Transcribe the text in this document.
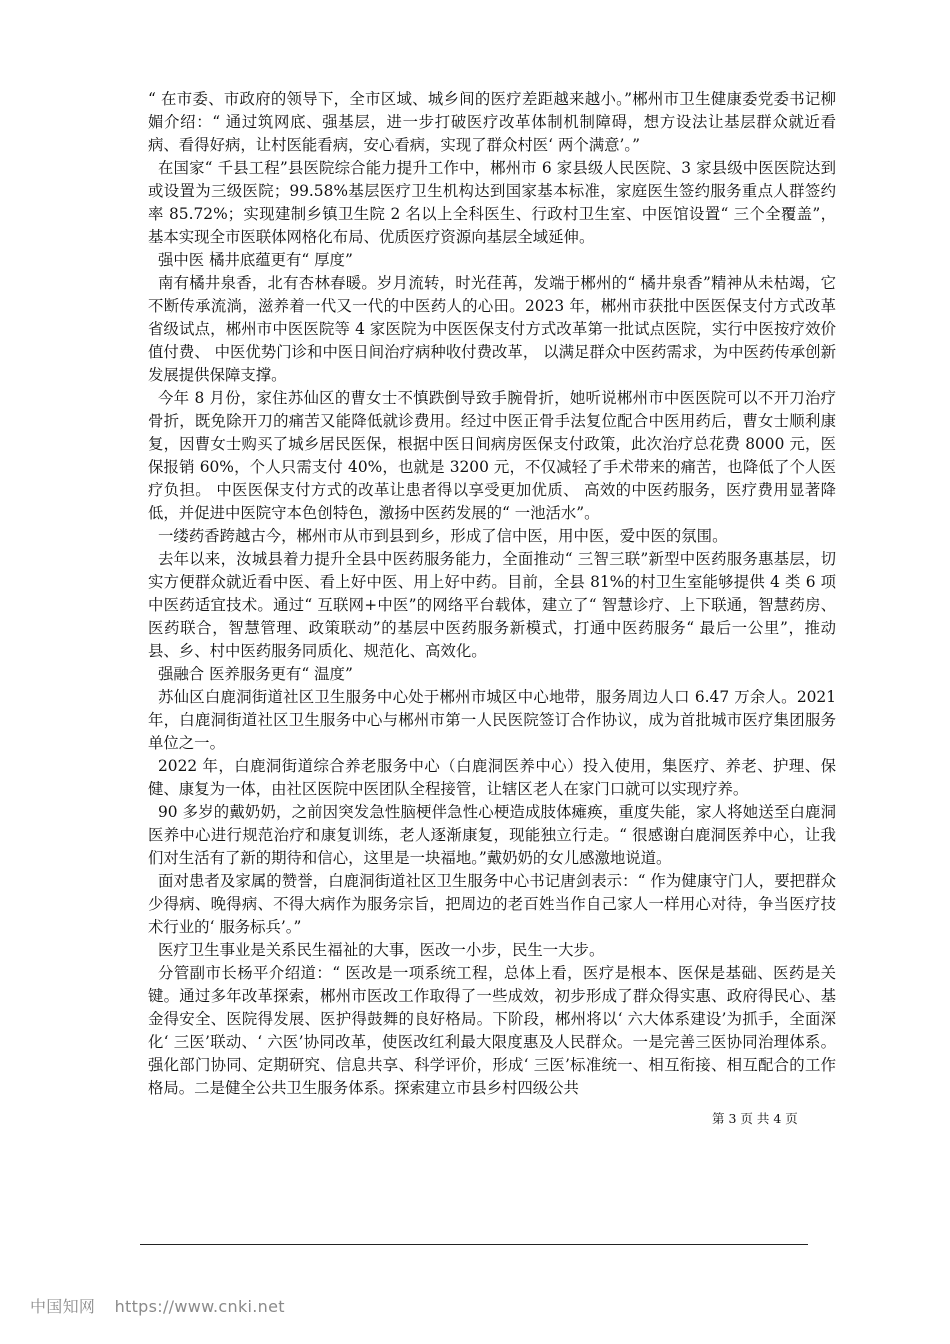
“ 在市委、市政府的领导下，全市区域、城乡间的医疗差距越来越小。”郴州市卫生健康委党委书记柳媚介绍：“ 通过筑网底、强基层，进一步打破医疗改革体制机制障碍，想方设法让基层群众就近看病、看得好病，让村医能看病，安心看病，实现了群众村医‘ 两个满意’。”

在国家“ 千县工程”县医院综合能力提升工作中，郴州市 6 家县级人民医院、3 家县级中医医院达到或设置为三级医院；99.58%基层医疗卫生机构达到国家基本标准，家庭医生签约服务重点人群签约率 85.72%；实现建制乡镇卫生院 2 名以上全科医生、行政村卫生室、中医馆设置“ 三个全覆盖”，基本实现全市医联体网格化布局、优质医疗资源向基层全域延伸。

强中医 橘井底蕴更有“ 厚度”

南有橘井泉香，北有杏林春暖。岁月流转，时光荏苒，发端于郴州的“ 橘井泉香”精神从未枯竭，它不断传承流淌，滋养着一代又一代的中医药人的心田。2023 年，郴州市获批中医医保支付方式改革省级试点，郴州市中医医院等 4 家医院为中医医保支付方式改革第一批试点医院，实行中医按疗效价值付费、 中医优势门诊和中医日间治疗病种收付费改革， 以满足群众中医药需求，为中医药传承创新发展提供保障支撑。

今年 8 月份，家住苏仙区的曹女士不慎跌倒导致手腕骨折，她听说郴州市中医医院可以不开刀治疗骨折，既免除开刀的痛苦又能降低就诊费用。经过中医正骨手法复位配合中医用药后，曹女士顺利康复，因曹女士购买了城乡居民医保，根据中医日间病房医保支付政策，此次治疗总花费 8000 元，医保报销 60%，个人只需支付 40%，也就是 3200 元，不仅减轻了手术带来的痛苦，也降低了个人医疗负担。 中医医保支付方式的改革让患者得以享受更加优质、 高效的中医药服务，医疗费用显著降低，并促进中医院守本色创特色，激扬中医药发展的“ 一池活水”。

一缕药香跨越古今，郴州市从市到县到乡，形成了信中医，用中医，爱中医的氛围。

去年以来，汝城县着力提升全县中医药服务能力，全面推动“ 三智三联”新型中医药服务惠基层，切实方便群众就近看中医、看上好中医、用上好中药。目前，全县 81%的村卫生室能够提供 4 类 6 项中医药适宜技术。通过“ 互联网+中医”的网络平台载体，建立了“ 智慧诊疗、上下联通，智慧药房、医药联合，智慧管理、政策联动”的基层中医药服务新模式，打通中医药服务“ 最后一公里”，推动县、乡、村中医药服务同质化、规范化、高效化。

强融合 医养服务更有“ 温度”

苏仙区白鹿洞街道社区卫生服务中心处于郴州市城区中心地带，服务周边人口 6.47 万余人。2021 年，白鹿洞街道社区卫生服务中心与郴州市第一人民医院签订合作协议，成为首批城市医疗集团服务单位之一。

2022 年，白鹿洞街道综合养老服务中心（白鹿洞医养中心）投入使用，集医疗、养老、护理、保健、康复为一体，由社区医院中医团队全程接管，让辖区老人在家门口就可以实现疗养。

90 多岁的戴奶奶，之前因突发急性脑梗伴急性心梗造成肢体瘫痪，重度失能，家人将她送至白鹿洞医养中心进行规范治疗和康复训练，老人逐渐康复，现能独立行走。“ 很感谢白鹿洞医养中心，让我们对生活有了新的期待和信心，这里是一块福地。”戴奶奶的女儿感激地说道。

面对患者及家属的赞誉，白鹿洞街道社区卫生服务中心书记唐剑表示：“ 作为健康守门人，要把群众少得病、晚得病、不得大病作为服务宗旨，把周边的老百姓当作自己家人一样用心对待，争当医疗技术行业的‘ 服务标兵’。”

医疗卫生事业是关系民生福祉的大事，医改一小步，民生一大步。

分管副市长杨平介绍道：“ 医改是一项系统工程，总体上看，医疗是根本、医保是基础、医药是关键。通过多年改革探索，郴州市医改工作取得了一些成效，初步形成了群众得实惠、政府得民心、基金得安全、医院得发展、医护得鼓舞的良好格局。下阶段，郴州将以‘ 六大体系建设’为抓手，全面深化‘ 三医’联动、‘ 六医’协同改革，使医改红利最大限度惠及人民群众。一是完善三医协同治理体系。强化部门协同、定期研究、信息共享、科学评价，形成‘ 三医’标准统一、相互衔接、相互配合的工作格局。二是健全公共卫生服务体系。探索建立市县乡村四级公共

第 3 页 共 4 页
中国知网 https://www.cnki.net
